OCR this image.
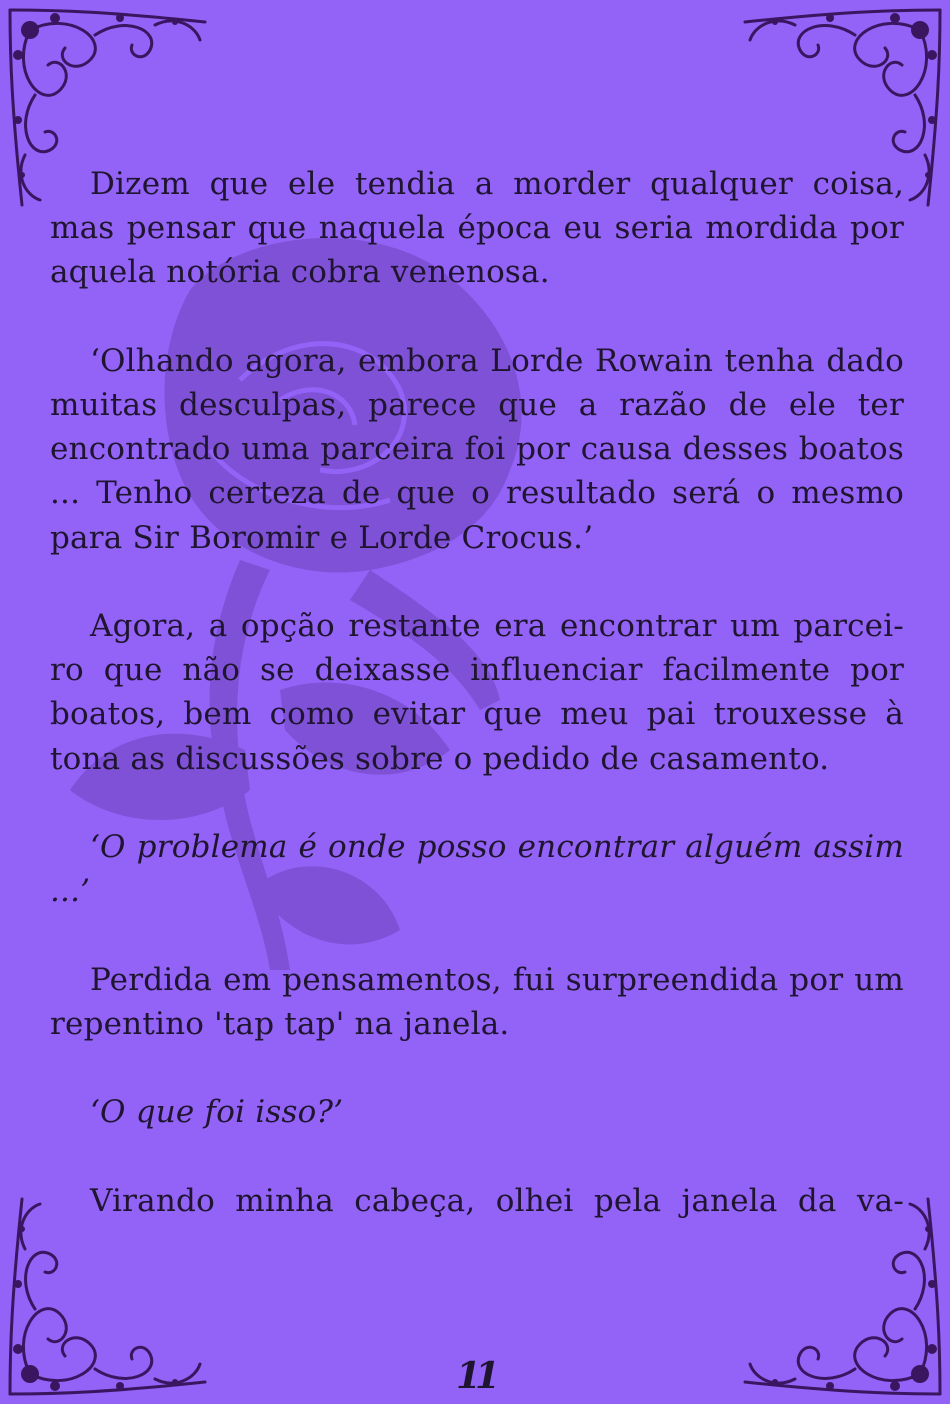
Dizem que ele tendia a morder qualquer coisa, mas pensar que naquela época eu seria mordida por aquela notória cobra venenosa.

‘Olhando agora, embora Lorde Rowain tenha dado muitas desculpas, parece que a razão de ele ter encontrado uma parceira foi por causa desses boatos ... Tenho certeza de que o resultado será o mesmo para Sir Boromir e Lorde Crocus.’

Agora, a opção restante era encontrar um parcei- ro que não se deixasse influenciar facilmente por boatos, bem como evitar que meu pai trouxesse à tona as discussões sobre o pedido de casamento.

‘O problema é onde posso encontrar alguém assim ...’

Perdida em pensamentos, fui surpreendida por um repentino 'tap tap' na janela.

‘O que foi isso?’

Virando minha cabeça, olhei pela janela da va-

11
